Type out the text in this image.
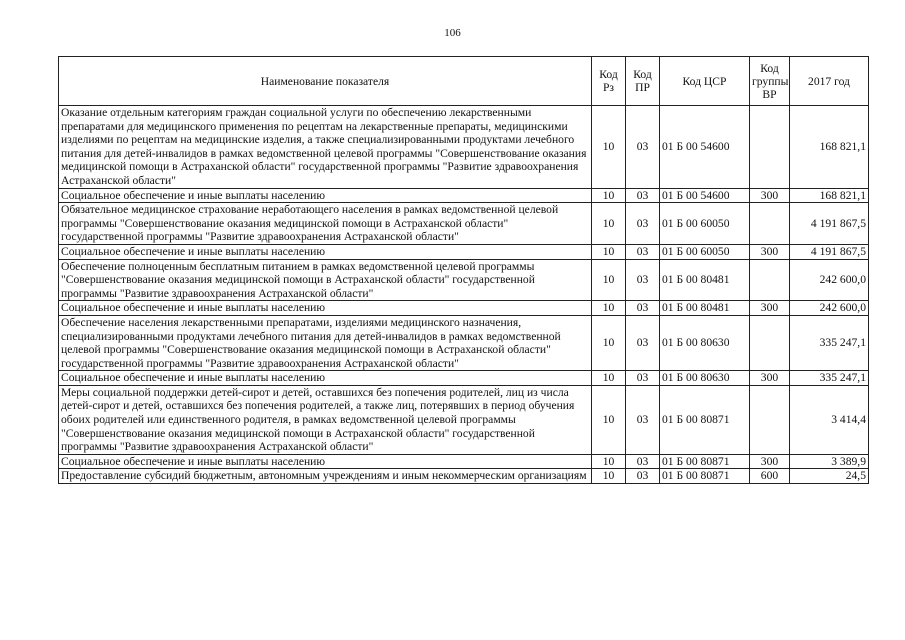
106
Наименование показателя	Код Рз	Код ПР	Код ЦСР	Код группы ВР	2017 год
Оказание отдельным категориям граждан социальной услуги по обеспечению лекарственными препаратами для медицинского применения по рецептам на лекарственные препараты, медицинскими изделиями по рецептам на медицинские изделия, а также специализированными продуктами лечебного питания для детей-инвалидов в рамках ведомственной целевой программы "Совершенствование оказания медицинской помощи в Астраханской области" государственной программы "Развитие здравоохранения Астраханской области"	10	03	01 Б 00 54600		168 821,1
Социальное обеспечение и иные выплаты населению	10	03	01 Б 00 54600	300	168 821,1
Обязательное медицинское страхование неработающего населения в рамках ведомственной целевой программы "Совершенствование оказания медицинской помощи в Астраханской области" государственной программы "Развитие здравоохранения Астраханской области"	10	03	01 Б 00 60050		4 191 867,5
Социальное обеспечение и иные выплаты населению	10	03	01 Б 00 60050	300	4 191 867,5
Обеспечение полноценным бесплатным питанием в рамках ведомственной целевой программы "Совершенствование оказания медицинской помощи в Астраханской области" государственной программы "Развитие здравоохранения Астраханской области"	10	03	01 Б 00 80481		242 600,0
Социальное обеспечение и иные выплаты населению	10	03	01 Б 00 80481	300	242 600,0
Обеспечение населения лекарственными препаратами, изделиями медицинского назначения, специализированными продуктами лечебного питания для детей-инвалидов в рамках ведомственной целевой программы "Совершенствование оказания медицинской помощи в Астраханской области" государственной программы "Развитие здравоохранения Астраханской области"	10	03	01 Б 00 80630		335 247,1
Социальное обеспечение и иные выплаты населению	10	03	01 Б 00 80630	300	335 247,1
Меры социальной поддержки детей-сирот и детей, оставшихся без попечения родителей, лиц из числа детей-сирот и детей, оставшихся без попечения родителей, а также лиц, потерявших в период обучения обоих родителей или единственного родителя, в рамках ведомственной целевой программы "Совершенствование оказания медицинской помощи в Астраханской области" государственной программы "Развитие здравоохранения Астраханской области"	10	03	01 Б 00 80871		3 414,4
Социальное обеспечение и иные выплаты населению	10	03	01 Б 00 80871	300	3 389,9
Предоставление субсидий бюджетным, автономным учреждениям и иным некоммерческим организациям	10	03	01 Б 00 80871	600	24,5
